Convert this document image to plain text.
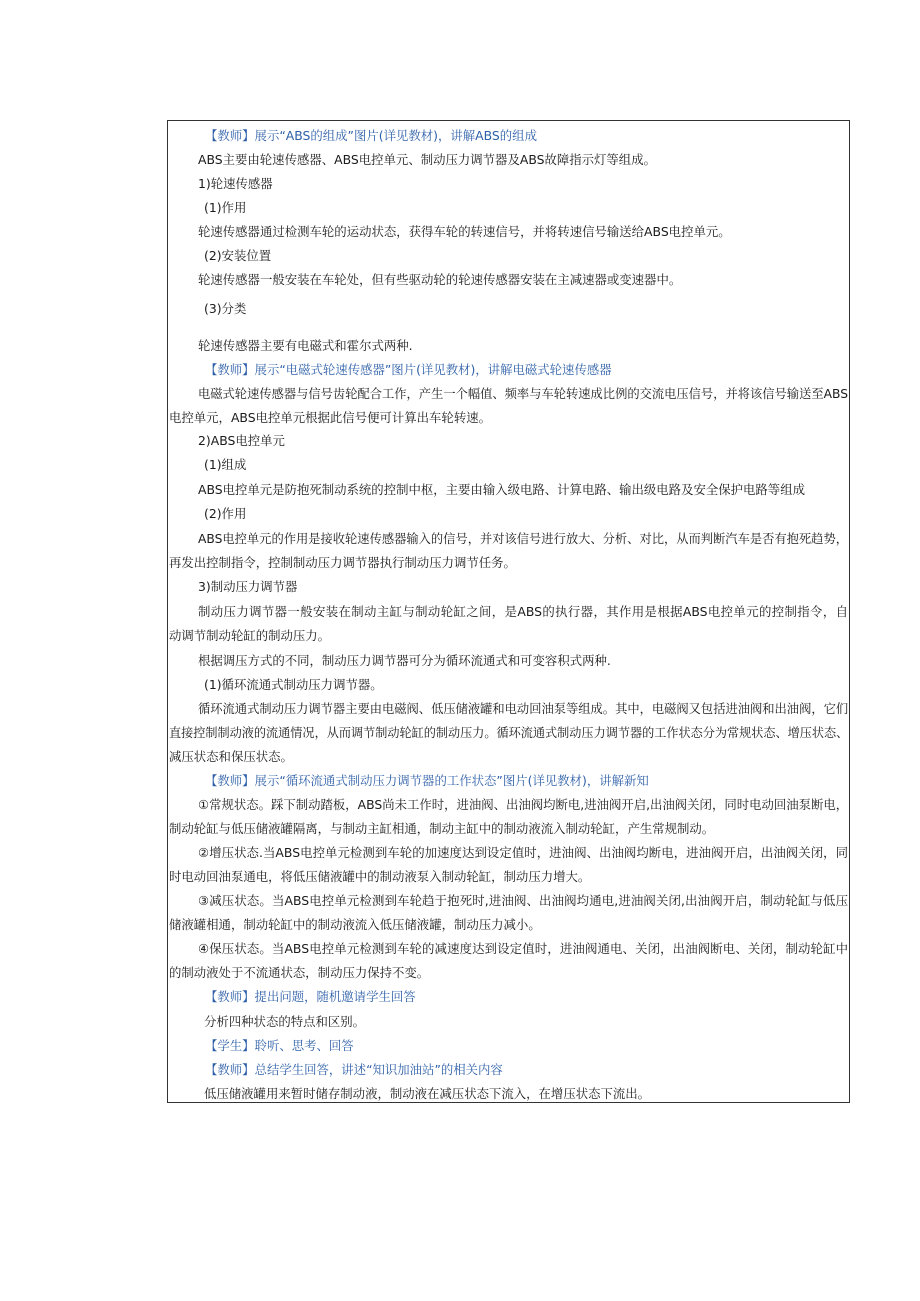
【教师】展示“ABS的组成”图片(详见教材)，讲解ABS的组成
ABS主要由轮速传感器、ABS电控单元、制动压力调节器及ABS故障指示灯等组成。
1)轮速传感器
(1)作用
轮速传感器通过检测车轮的运动状态，获得车轮的转速信号，并将转速信号输送给ABS电控单元。
(2)安装位置
轮速传感器一般安装在车轮处，但有些驱动轮的轮速传感器安装在主减速器或变速器中。
(3)分类
轮速传感器主要有电磁式和霍尔式两种.
【教师】展示“电磁式轮速传感器”图片(详见教材)，讲解电磁式轮速传感器
电磁式轮速传感器与信号齿轮配合工作，产生一个幅值、频率与车轮转速成比例的交流电压信号，并将该信号输送至ABS
电控单元，ABS电控单元根据此信号便可计算出车轮转速。
2)ABS电控单元
(1)组成
ABS电控单元是防抱死制动系统的控制中枢，主要由输入级电路、计算电路、输出级电路及安全保护电路等组成
(2)作用
ABS电控单元的作用是接收轮速传感器输入的信号，并对该信号进行放大、分析、对比，从而判断汽车是否有抱死趋势，
再发出控制指令，控制制动压力调节器执行制动压力调节任务。
3)制动压力调节器
制动压力调节器一般安装在制动主缸与制动轮缸之间，是ABS的执行器，其作用是根据ABS电控单元的控制指令，自
动调节制动轮缸的制动压力。
根据调压方式的不同，制动压力调节器可分为循环流通式和可变容积式两种.
(1)循环流通式制动压力调节器。
循环流通式制动压力调节器主要由电磁阀、低压储液罐和电动回油泵等组成。其中，电磁阀又包括进油阀和出油阀，它们
直接控制制动液的流通情况，从而调节制动轮缸的制动压力。循环流通式制动压力调节器的工作状态分为常规状态、增压状态、
减压状态和保压状态。
【教师】展示“循环流通式制动压力调节器的工作状态”图片(详见教材)，讲解新知
①常规状态。踩下制动踏板，ABS尚未工作时，进油阀、出油阀均断电,进油阀开启,出油阀关闭，同时电动回油泵断电，
制动轮缸与低压储液罐隔离，与制动主缸相通，制动主缸中的制动液流入制动轮缸，产生常规制动。
②增压状态.当ABS电控单元检测到车轮的加速度达到设定值时，进油阀、出油阀均断电，进油阀开启，出油阀关闭，同
时电动回油泵通电，将低压储液罐中的制动液泵入制动轮缸，制动压力增大。
③减压状态。当ABS电控单元检测到车轮趋于抱死时,进油阀、出油阀均通电,进油阀关闭,出油阀开启，制动轮缸与低压
储液罐相通，制动轮缸中的制动液流入低压储液罐，制动压力减小。
④保压状态。当ABS电控单元检测到车轮的减速度达到设定值时，进油阀通电、关闭，出油阀断电、关闭，制动轮缸中
的制动液处于不流通状态，制动压力保持不变。
【教师】提出问题，随机邀请学生回答
分析四种状态的特点和区别。
【学生】聆听、思考、回答
【教师】总结学生回答，讲述“知识加油站”的相关内容
低压储液罐用来暂时储存制动液，制动液在减压状态下流入，在增压状态下流出。
